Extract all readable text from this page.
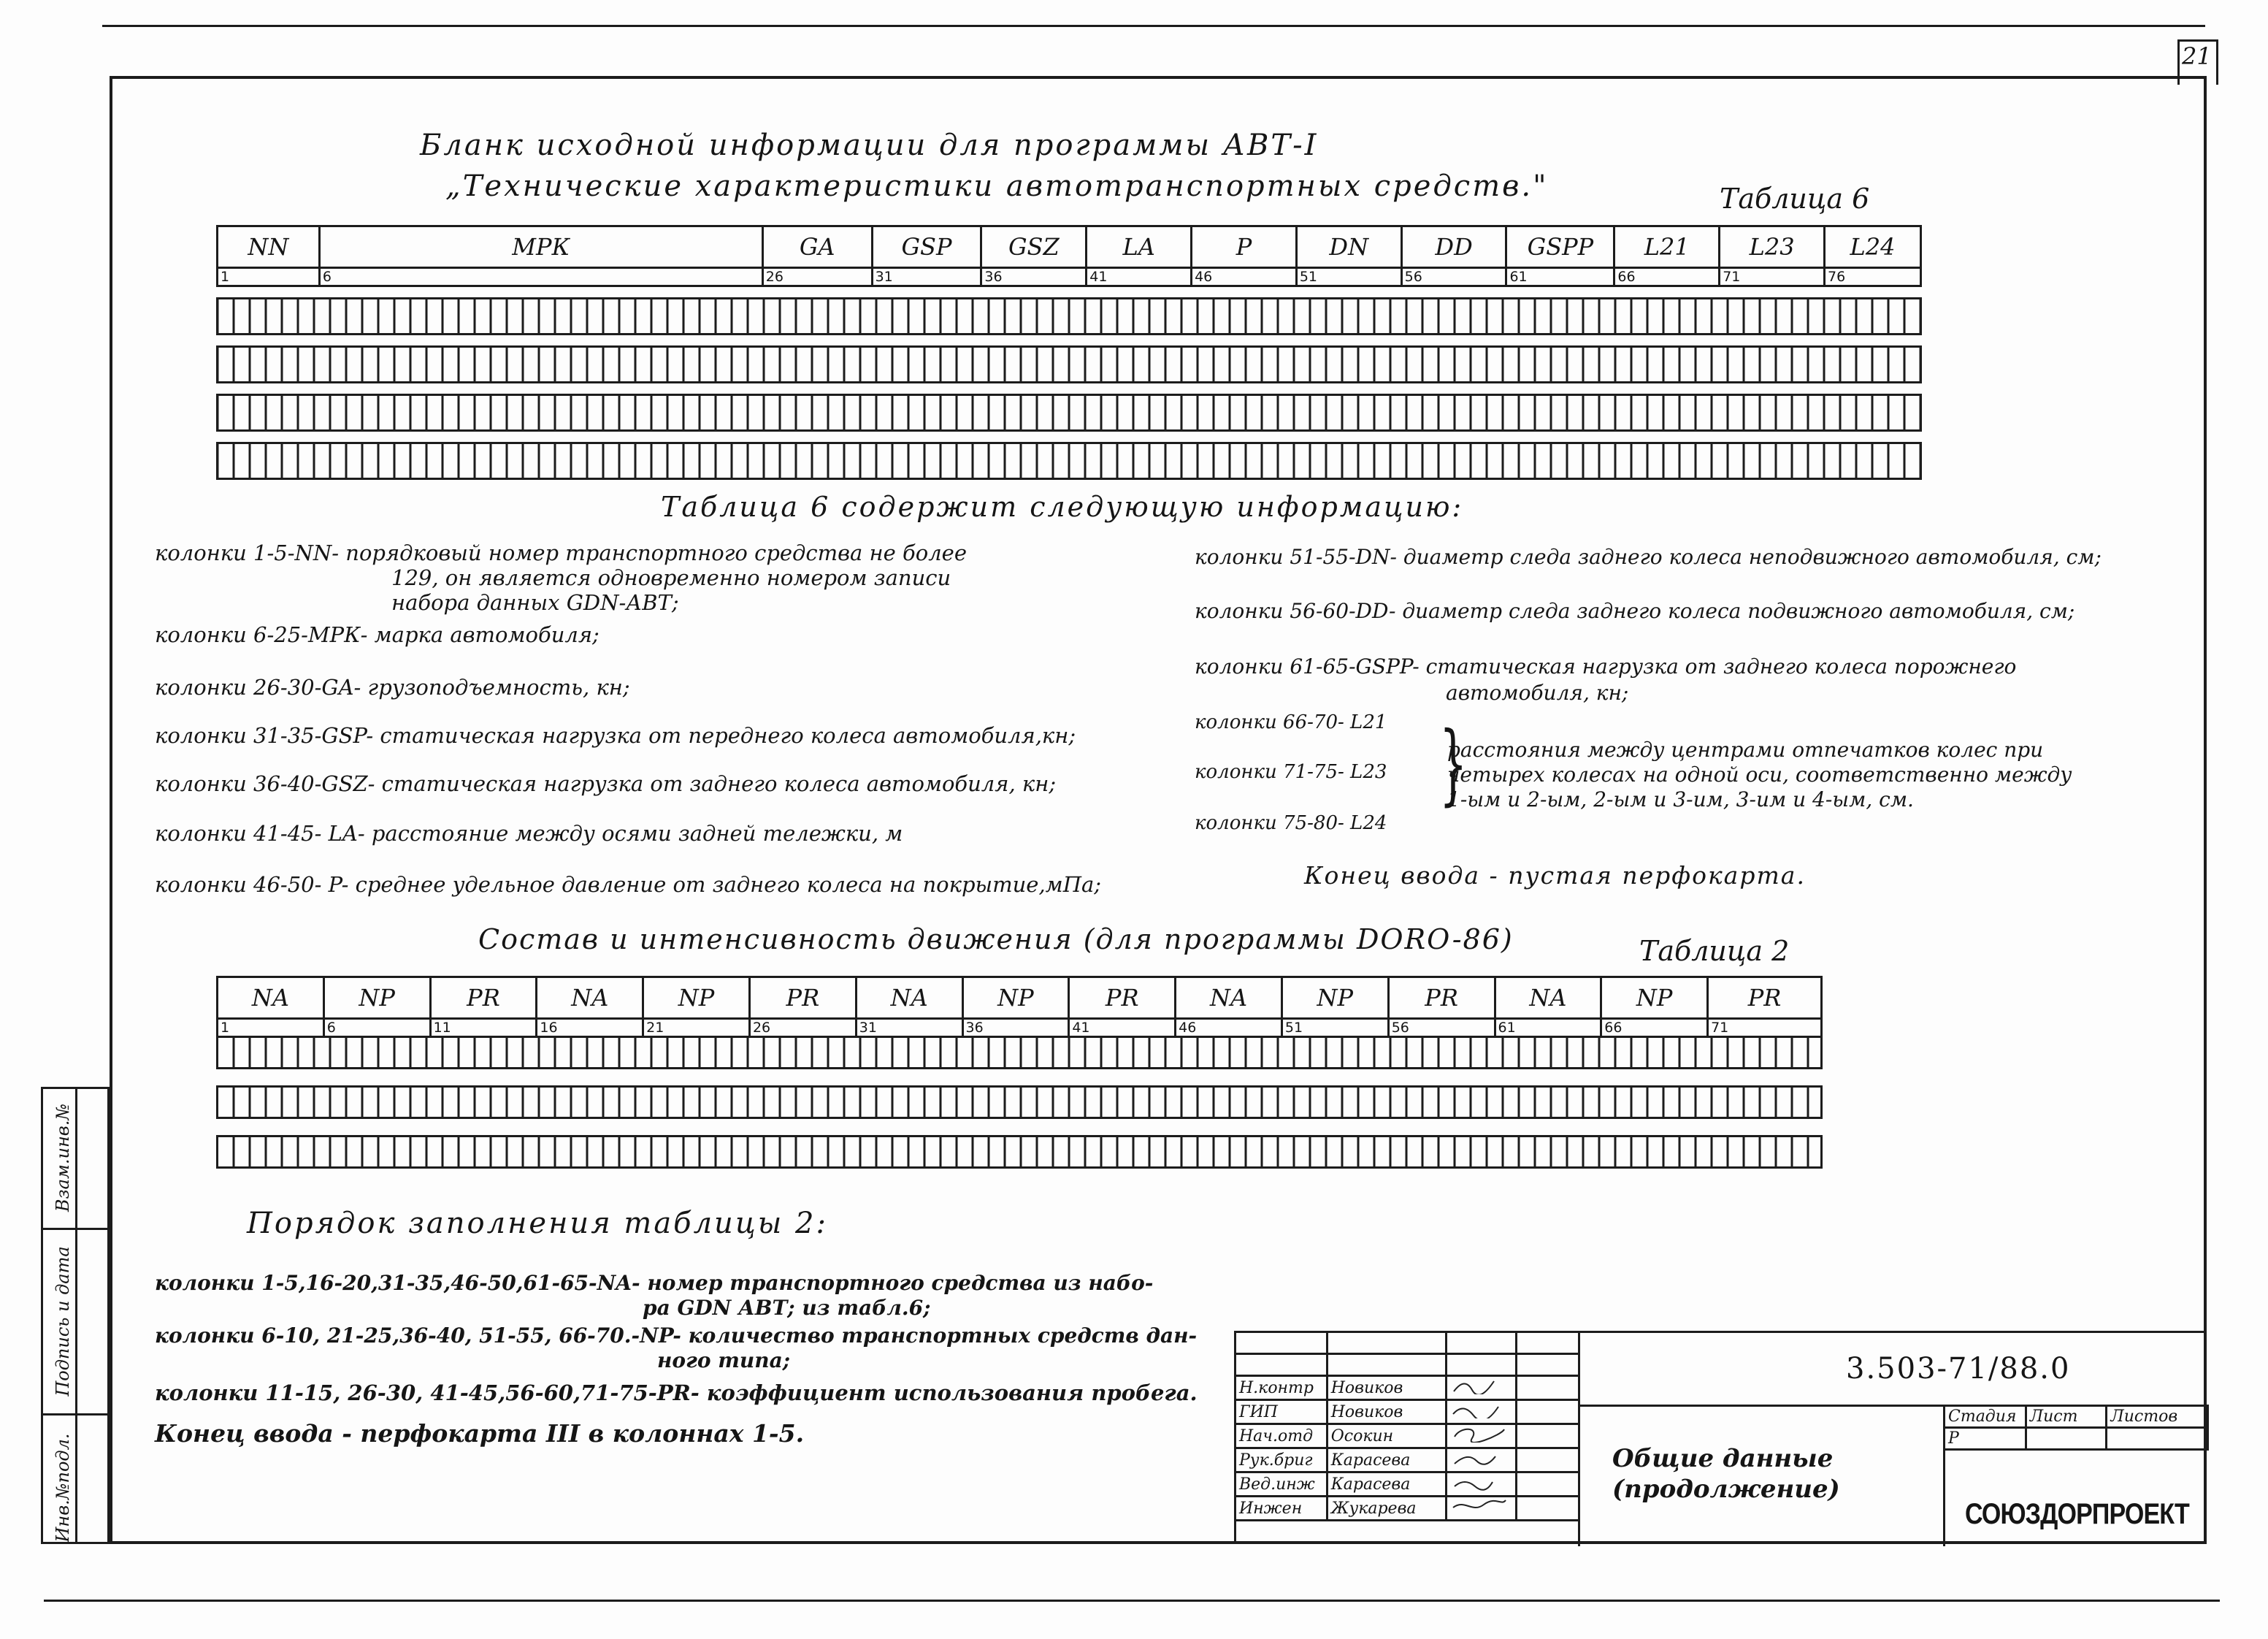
21
Инв.№подл.
Подпись и дата
Взам.инв.№
Бланк исходной информации для программы АВТ-I
„Технические характеристики автотранспортных средств."	Таблица 6
NN	МРК	GA	GSP	GSZ	LA	P	DN	DD	GSPP	L21	L23	L24
1	6	26	31	36	41	46	51	56	61	66	71	76

Таблица 6 содержит следующую информацию:
колонки 1-5-NN- порядковый номер транспортного средства не более
129, он является одновременно номером записи
набора данных GDN-АВТ;
колонки 6-25-МРК- марка автомобиля;
колонки 26-30-GA- грузоподъемность, кн;
колонки 31-35-GSP- статическая нагрузка от переднего колеса автомобиля,кн;
колонки 36-40-GSZ- статическая нагрузка от заднего колеса автомобиля, кн;
колонки 41-45- LA- расстояние между осями задней тележки, м
колонки 46-50- P- среднее удельное давление от заднего колеса на покрытие,мПа;
колонки 51-55-DN- диаметр следа заднего колеса неподвижного автомобиля, см;
колонки 56-60-DD- диаметр следа заднего колеса подвижного автомобиля, см;
колонки 61-65-GSPP- статическая нагрузка от заднего колеса порожнего
автомобиля, кн;
колонки 66-70- L21
колонки 71-75- L23
колонки 75-80- L24
}
расстояния между центрами отпечатков колес при
четырех колесах на одной оси, соответственно между
1-ым и 2-ым, 2-ым и 3-им, 3-им и 4-ым, см.
Конец ввода - пустая перфокарта.
Состав и интенсивность движения (для программы DORO-86)	Таблица 2
NA	NP	PR	NA	NP	PR	NA	NP	PR	NA	NP	PR	NA	NP	PR
1	6	11	16	21	26	31	36	41	46	51	56	61	66	71

Порядок заполнения таблицы 2:
колонки 1-5,16-20,31-35,46-50,61-65-NA- номер транспортного средства из набо-
ра GDN АВТ; из табл.6;
колонки 6-10, 21-25,36-40, 51-55, 66-70.-NP- количество транспортных средств дан-
ного типа;
колонки 11-15, 26-30, 41-45,56-60,71-75-PR- коэффициент использования пробега.
Конец ввода - перфокарта III в колоннах 1-5.

Н.контр	Новиков		
ГИП	Новиков		
Нач.отд	Осокин		
Рук.бриг	Карасева		
Вед.инж	Карасева		
Инжен	Жукарева		
3.503-71/88.0
Общие данные
(продолжение)
Стадия	Лист	Листов
Р		
СОЮЗДОРПРОЕКТ
